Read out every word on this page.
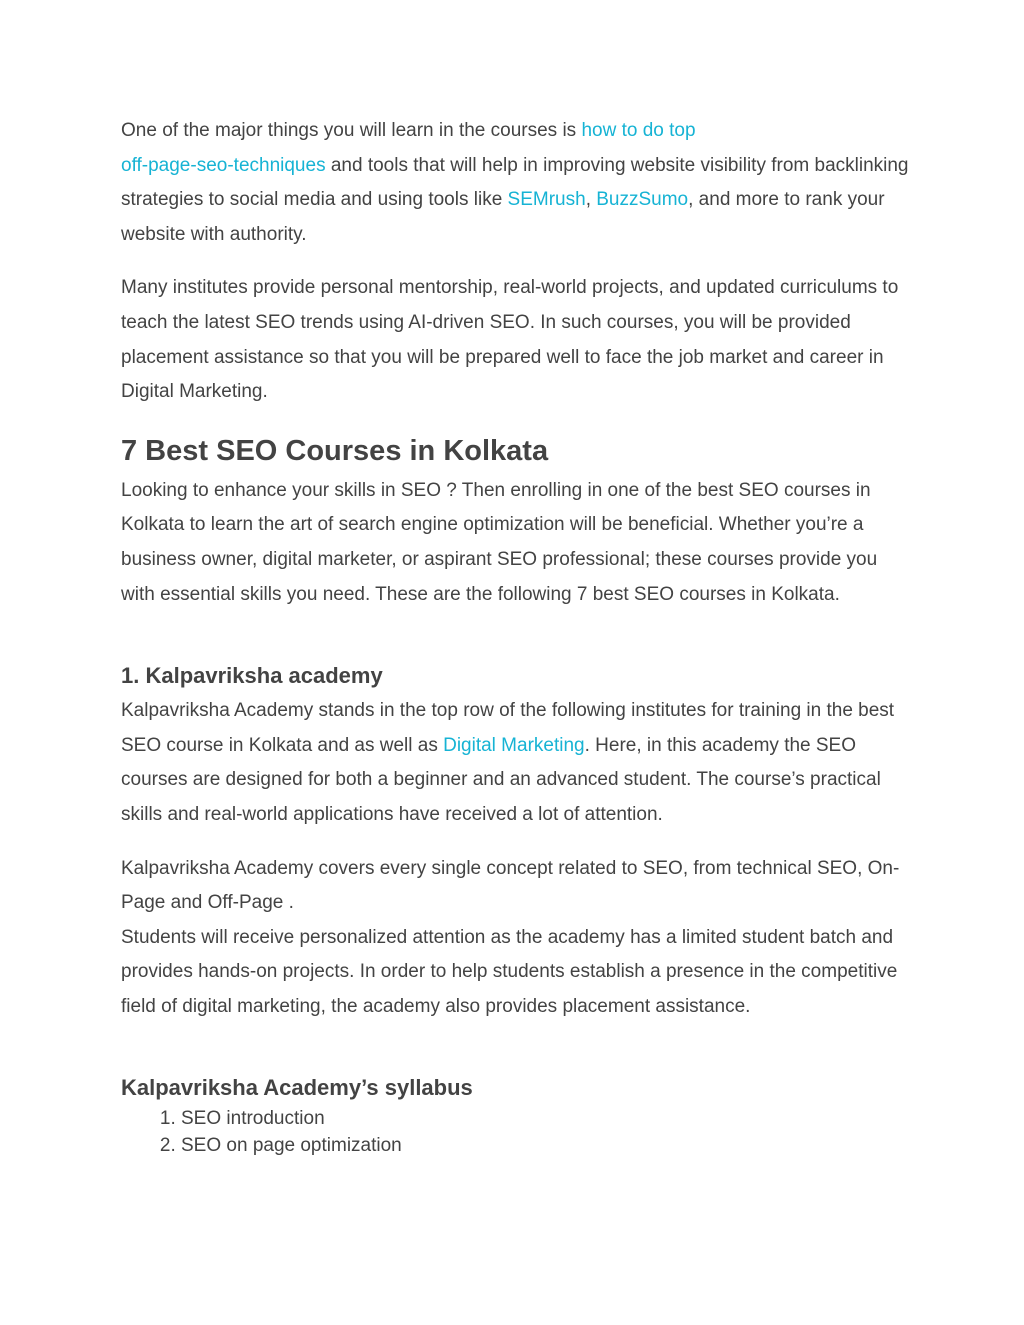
One of the major things you will learn in the courses is how to do top
off-page-seo-techniques and tools that will help in improving website visibility from backlinking strategies to social media and using tools like SEMrush, BuzzSumo, and more to rank your website with authority.

Many institutes provide personal mentorship, real-world projects, and updated curriculums to teach the latest SEO trends using AI-driven SEO. In such courses, you will be provided placement assistance so that you will be prepared well to face the job market and career in Digital Marketing.

7 Best SEO Courses in Kolkata

Looking to enhance your skills in SEO ? Then enrolling in one of the best SEO courses in Kolkata to learn the art of search engine optimization will be beneficial. Whether you’re a business owner, digital marketer, or aspirant SEO professional; these courses provide you with essential skills you need. These are the following 7 best SEO courses in Kolkata.

1. Kalpavriksha academy

Kalpavriksha Academy stands in the top row of the following institutes for training in the best SEO course in Kolkata and as well as Digital Marketing. Here, in this academy the SEO courses are designed for both a beginner and an advanced student. The course’s practical skills and real-world applications have received a lot of attention.

Kalpavriksha Academy covers every single concept related to SEO, from technical SEO, On-Page and Off-Page .
Students will receive personalized attention as the academy has a limited student batch and provides hands-on projects. In order to help students establish a presence in the competitive field of digital marketing, the academy also provides placement assistance.

Kalpavriksha Academy’s syllabus
1. SEO introduction
2. SEO on page optimization
